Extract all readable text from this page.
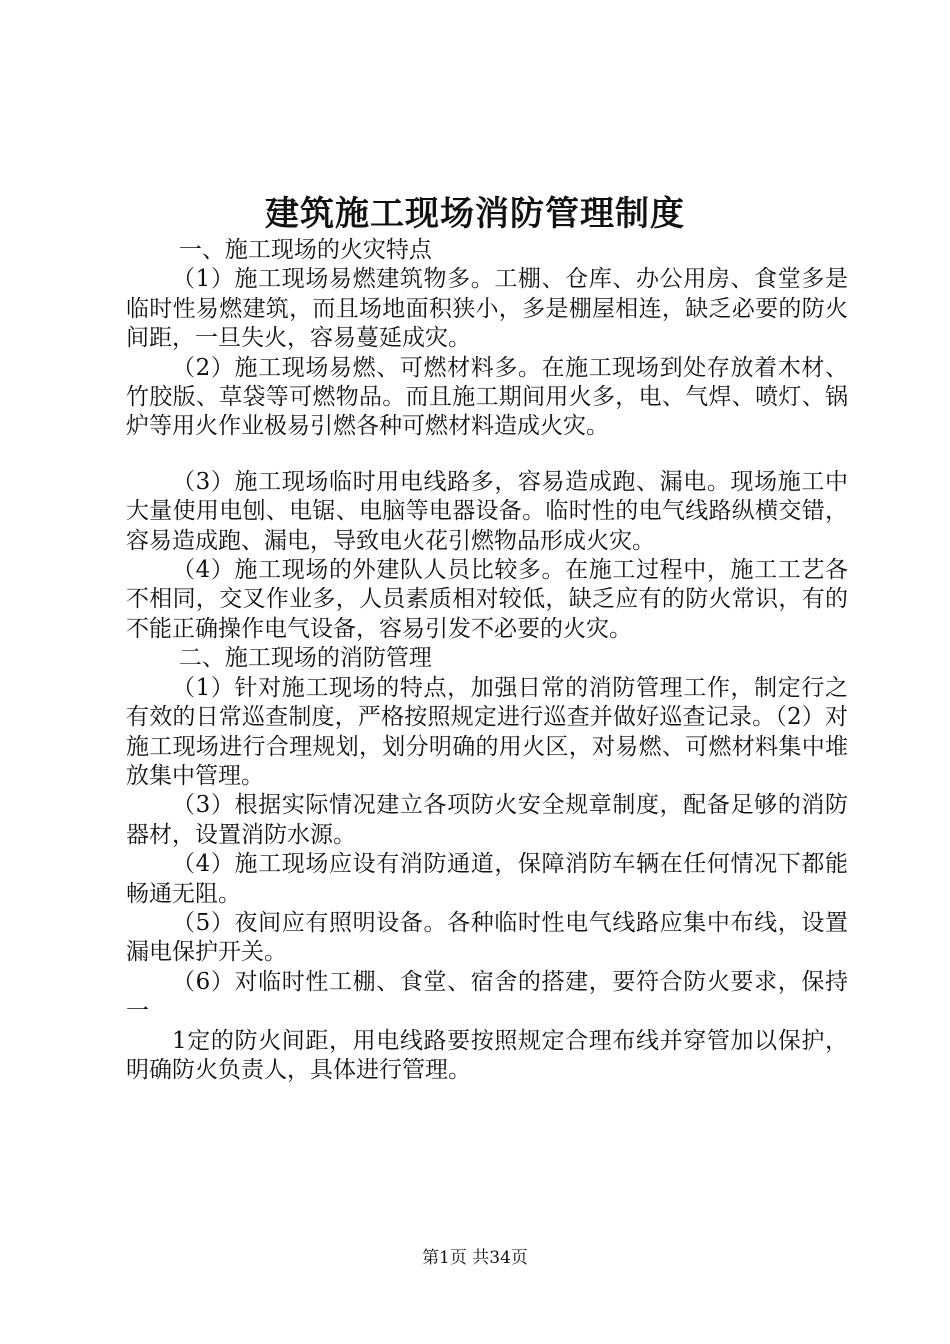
建筑施工现场消防管理制度

一、施工现场的火灾特点

（1）施工现场易燃建筑物多。工棚、仓库、办公用房、食堂多是临时性易燃建筑，而且场地面积狭小，多是棚屋相连，缺乏必要的防火间距，一旦失火，容易蔓延成灾。

（2）施工现场易燃、可燃材料多。在施工现场到处存放着木材、竹胶版、草袋等可燃物品。而且施工期间用火多，电、气焊、喷灯、锅炉等用火作业极易引燃各种可燃材料造成火灾。

（3）施工现场临时用电线路多，容易造成跑、漏电。现场施工中大量使用电刨、电锯、电脑等电器设备。临时性的电气线路纵横交错，容易造成跑、漏电，导致电火花引燃物品形成火灾。

（4）施工现场的外建队人员比较多。在施工过程中，施工工艺各不相同，交叉作业多，人员素质相对较低，缺乏应有的防火常识，有的不能正确操作电气设备，容易引发不必要的火灾。

二、施工现场的消防管理

（1）针对施工现场的特点，加强日常的消防管理工作，制定行之有效的日常巡查制度，严格按照规定进行巡查并做好巡查记录。（2）对施工现场进行合理规划，划分明确的用火区，对易燃、可燃材料集中堆放集中管理。

（3）根据实际情况建立各项防火安全规章制度，配备足够的消防器材，设置消防水源。

（4）施工现场应设有消防通道，保障消防车辆在任何情况下都能畅通无阻。

（5）夜间应有照明设备。各种临时性电气线路应集中布线，设置漏电保护开关。

（6）对临时性工棚、食堂、宿舍的搭建，要符合防火要求，保持一

1定的防火间距，用电线路要按照规定合理布线并穿管加以保护，明确防火负责人，具体进行管理。

第1页 共34页
